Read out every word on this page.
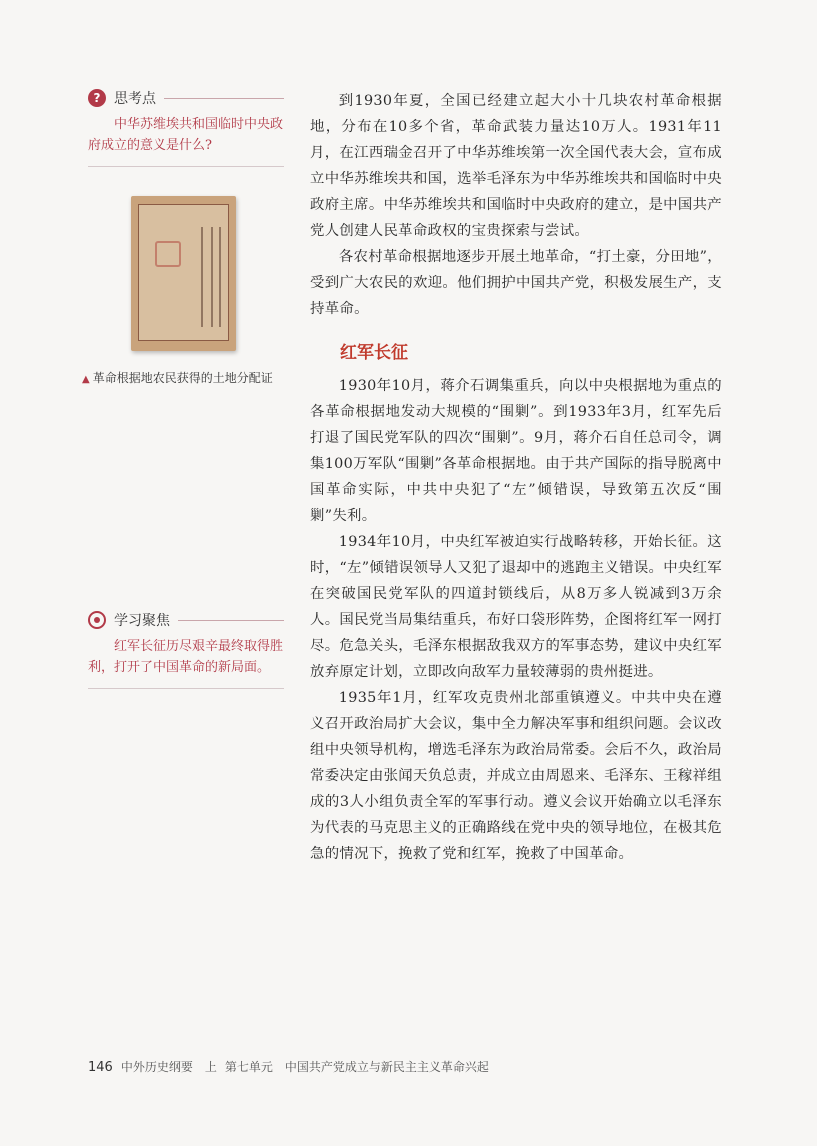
? 思考点
中华苏维埃共和国临时中央政府成立的意义是什么?
▲ 革命根据地农民获得的土地分配证
学习聚焦
红军长征历尽艰辛最终取得胜利，打开了中国革命的新局面。

到1930年夏，全国已经建立起大小十几块农村革命根据地，分布在10多个省，革命武装力量达10万人。1931年11月，在江西瑞金召开了中华苏维埃第一次全国代表大会，宣布成立中华苏维埃共和国，选举毛泽东为中华苏维埃共和国临时中央政府主席。中华苏维埃共和国临时中央政府的建立，是中国共产党人创建人民革命政权的宝贵探索与尝试。

各农村革命根据地逐步开展土地革命，“打土豪，分田地”，受到广大农民的欢迎。他们拥护中国共产党，积极发展生产，支持革命。

红军长征

1930年10月，蒋介石调集重兵，向以中央根据地为重点的各革命根据地发动大规模的“围剿”。到1933年3月，红军先后打退了国民党军队的四次“围剿”。9月，蒋介石自任总司令，调集100万军队“围剿”各革命根据地。由于共产国际的指导脱离中国革命实际，中共中央犯了“左”倾错误，导致第五次反“围剿”失利。

1934年10月，中央红军被迫实行战略转移，开始长征。这时，“左”倾错误领导人又犯了退却中的逃跑主义错误。中央红军在突破国民党军队的四道封锁线后，从8万多人锐减到3万余人。国民党当局集结重兵，布好口袋形阵势，企图将红军一网打尽。危急关头，毛泽东根据敌我双方的军事态势，建议中央红军放弃原定计划，立即改向敌军力量较薄弱的贵州挺进。

1935年1月，红军攻克贵州北部重镇遵义。中共中央在遵义召开政治局扩大会议，集中全力解决军事和组织问题。会议改组中央领导机构，增选毛泽东为政治局常委。会后不久，政治局常委决定由张闻天负总责，并成立由周恩来、毛泽东、王稼祥组成的3人小组负责全军的军事行动。遵义会议开始确立以毛泽东为代表的马克思主义的正确路线在党中央的领导地位，在极其危急的情况下，挽救了党和红军，挽救了中国革命。

146 中外历史纲要　上 第七单元　中国共产党成立与新民主主义革命兴起
